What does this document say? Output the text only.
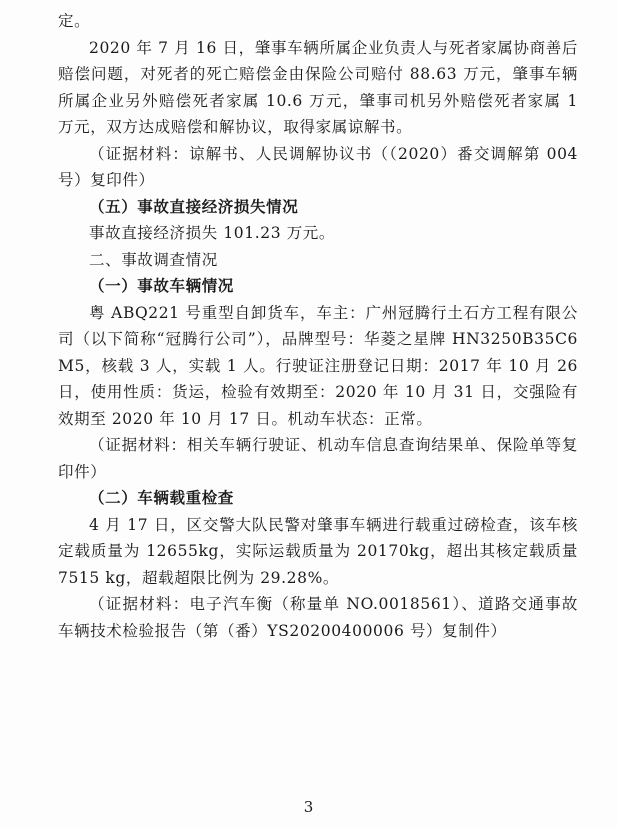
定。

2020 年 7 月 16 日，肇事车辆所属企业负责人与死者家属协商善后赔偿问题，对死者的死亡赔偿金由保险公司赔付 88.63 万元，肇事车辆所属企业另外赔偿死者家属 10.6 万元，肇事司机另外赔偿死者家属 1 万元，双方达成赔偿和解协议，取得家属谅解书。

（证据材料：谅解书、人民调解协议书（（2020）番交调解第 004 号）复印件）

（五）事故直接经济损失情况

事故直接经济损失 101.23 万元。

二、事故调查情况

（一）事故车辆情况

粤 ABQ221 号重型自卸货车，车主：广州冠腾行土石方工程有限公司（以下简称“冠腾行公司”），品牌型号：华菱之星牌 HN3250B35C6M5，核载 3 人，实载 1 人。行驶证注册登记日期：2017 年 10 月 26 日，使用性质：货运，检验有效期至：2020 年 10 月 31 日，交强险有效期至 2020 年 10 月 17 日。机动车状态：正常。

（证据材料：相关车辆行驶证、机动车信息查询结果单、保险单等复印件）

（二）车辆载重检查

4 月 17 日，区交警大队民警对肇事车辆进行载重过磅检查，该车核定载质量为 12655kg，实际运载质量为 20170kg，超出其核定载质量 7515 kg，超载超限比例为 29.28%。

（证据材料：电子汽车衡（称量单 NO.0018561）、道路交通事故车辆技术检验报告（第（番）YS20200400006 号）复制件）

3
